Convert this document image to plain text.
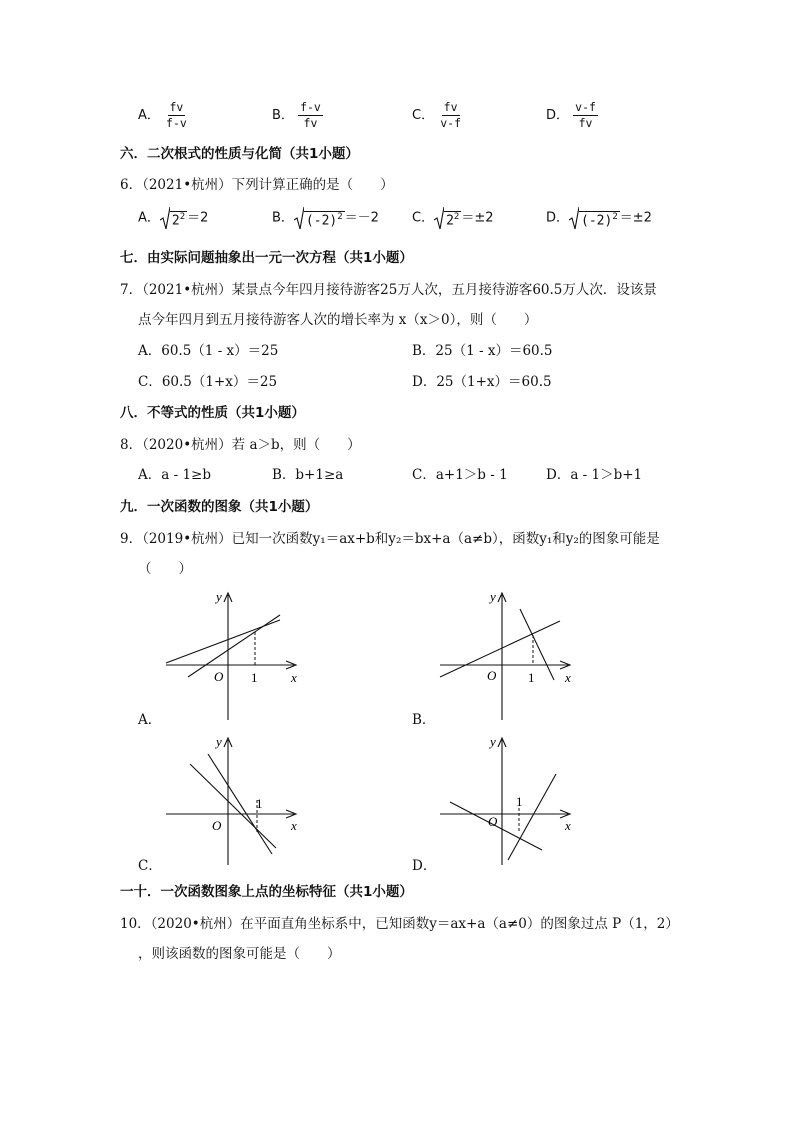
A． $\frac{fv}{f-v}$	B． $\frac{f-v}{fv}$	C． $\frac{fv}{v-f}$	D． $\frac{v-f}{fv}$
六．二次根式的性质与化简（共1小题）
6．（2021•杭州）下列计算正确的是（　　）
A． $2^2 =2$	B． $(-2)^2 =-2$	C． $2^2 =\pm 2$	D． $(-2)^2 =\pm 2$
七．由实际问题抽象出一元一次方程（共1小题）
7．（2021•杭州）某景点今年四月接待游客25万人次，五月接待游客60.5万人次．设该景
点今年四月到五月接待游客人次的增长率为 x（x＞0），则（　　）
A．60.5（1 - x）＝25	B．25（1 - x）＝60.5
C．60.5（1+x）＝25	D．25（1+x）＝60.5
八．不等式的性质（共1小题）
8．（2020•杭州）若 a＞b，则（　　）
A．a - 1≥b	B．b+1≥a	C．a+1＞b - 1	D．a - 1＞b+1
九．一次函数的图象（共1小题）
9．（2019•杭州）已知一次函数y₁＝ax+b和y₂＝bx+a（a≠b），函数y₁和y₂的图象可能是
（　　）
y
x
O 1
A．
y
x
O 1
B．
y
x
O
1
C．
y
x
O
1
D．
一十．一次函数图象上点的坐标特征（共1小题）
10．（2020•杭州）在平面直角坐标系中，已知函数y＝ax+a（a≠0）的图象过点 P（1，2）
，则该函数的图象可能是（　　）
